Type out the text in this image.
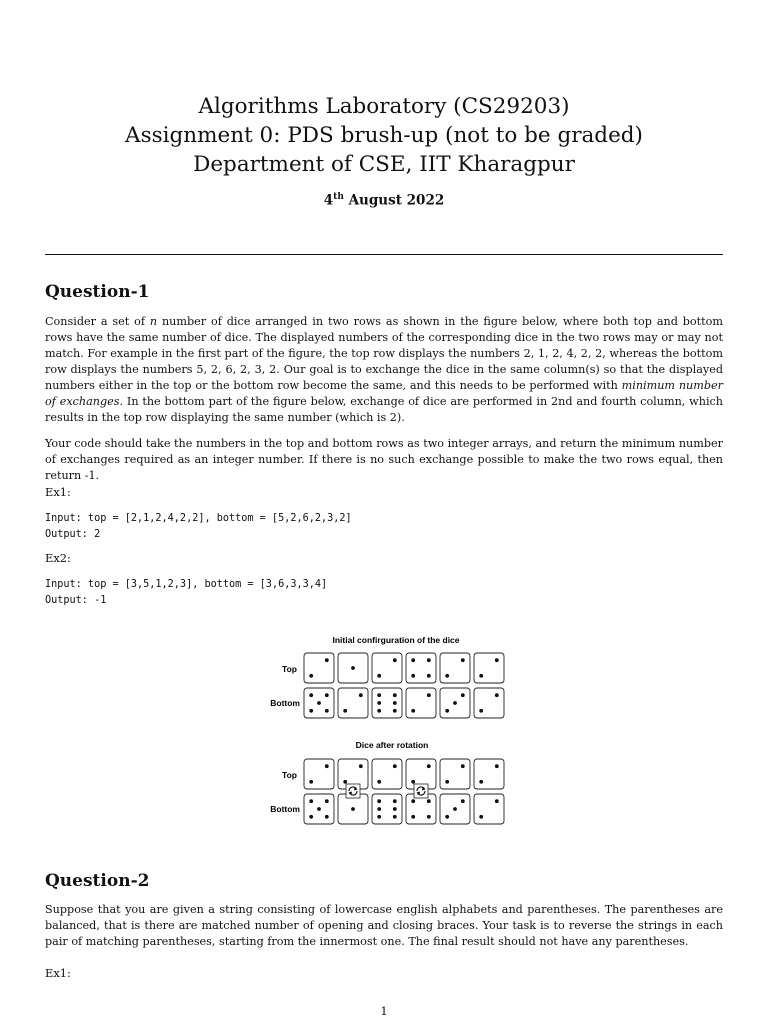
Algorithms Laboratory (CS29203)
Assignment 0: PDS brush-up (not to be graded)
Department of CSE, IIT Kharagpur
4th August 2022
Question-1

Consider a set of n number of dice arranged in two rows as shown in the figure below, where both top and bottom rows have the same number of dice. The displayed numbers of the corresponding dice in the two rows may or may not match. For example in the first part of the figure, the top row displays the numbers 2, 1, 2, 4, 2, 2, whereas the bottom row displays the numbers 5, 2, 6, 2, 3, 2. Our goal is to exchange the dice in the same column(s) so that the displayed numbers either in the top or the bottom row become the same, and this needs to be performed with minimum number of exchanges. In the bottom part of the figure below, exchange of dice are performed in 2nd and fourth column, which results in the top row displaying the same number (which is 2).

Your code should take the numbers in the top and bottom rows as two integer arrays, and return the minimum number of exchanges required as an integer number. If there is no such exchange possible to make the two rows equal, then return -1.

Ex1:

Input: top = [2,1,2,4,2,2], bottom = [5,2,6,2,3,2]
Output: 2

Ex2:

Input: top = [3,5,1,2,3], bottom = [3,6,3,3,4]
Output: -1
Initial confirguration of the dice
Top
Bottom
Dice after rotation
Top
Bottom
Question-2

Suppose that you are given a string consisting of lowercase english alphabets and parentheses. The parentheses are balanced, that is there are matched number of opening and closing braces. Your task is to reverse the strings in each pair of matching parentheses, starting from the innermost one. The final result should not have any parentheses.

Ex1:

1
